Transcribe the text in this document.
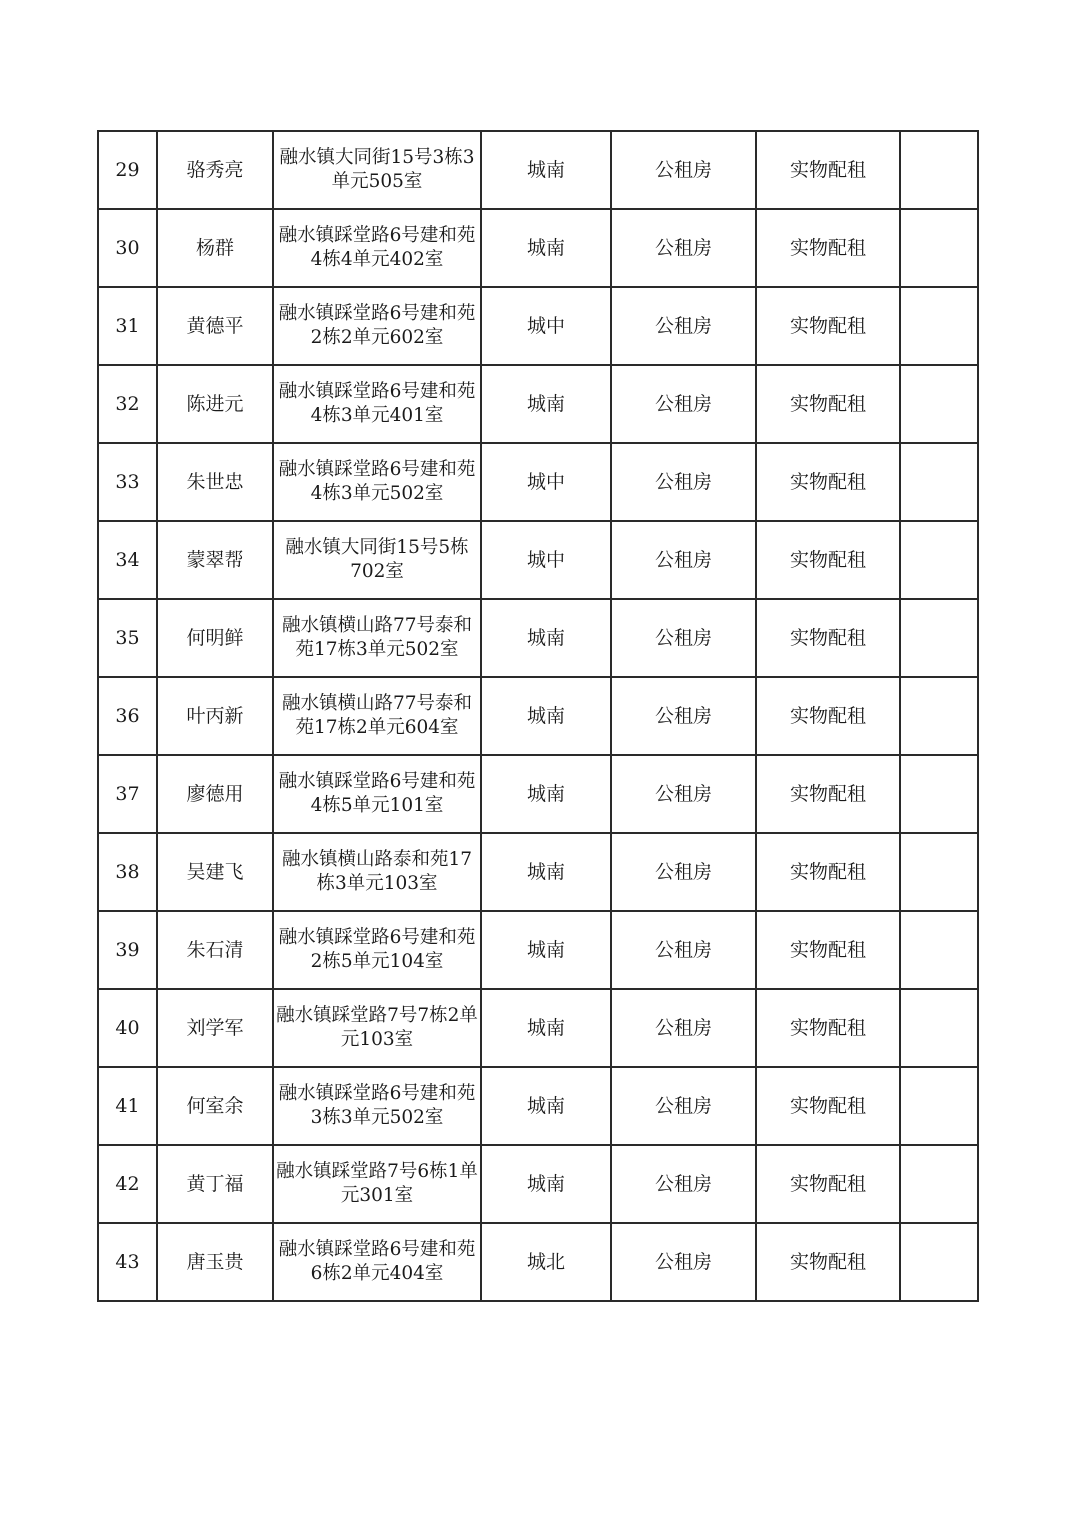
29	骆秀亮	融水镇大同街15号3栋3单元505室	城南	公租房	实物配租	
30	杨群	融水镇踩堂路6号建和苑4栋4单元402室	城南	公租房	实物配租	
31	黄德平	融水镇踩堂路6号建和苑2栋2单元602室	城中	公租房	实物配租	
32	陈进元	融水镇踩堂路6号建和苑4栋3单元401室	城南	公租房	实物配租	
33	朱世忠	融水镇踩堂路6号建和苑4栋3单元502室	城中	公租房	实物配租	
34	蒙翠帮	融水镇大同街15号5栋702室	城中	公租房	实物配租	
35	何明鲜	融水镇横山路77号泰和苑17栋3单元502室	城南	公租房	实物配租	
36	叶丙新	融水镇横山路77号泰和苑17栋2单元604室	城南	公租房	实物配租	
37	廖德用	融水镇踩堂路6号建和苑4栋5单元101室	城南	公租房	实物配租	
38	吴建飞	融水镇横山路泰和苑17栋3单元103室	城南	公租房	实物配租	
39	朱石清	融水镇踩堂路6号建和苑2栋5单元104室	城南	公租房	实物配租	
40	刘学军	融水镇踩堂路7号7栋2单元103室	城南	公租房	实物配租	
41	何室余	融水镇踩堂路6号建和苑3栋3单元502室	城南	公租房	实物配租	
42	黄丁福	融水镇踩堂路7号6栋1单元301室	城南	公租房	实物配租	
43	唐玉贵	融水镇踩堂路6号建和苑6栋2单元404室	城北	公租房	实物配租	
